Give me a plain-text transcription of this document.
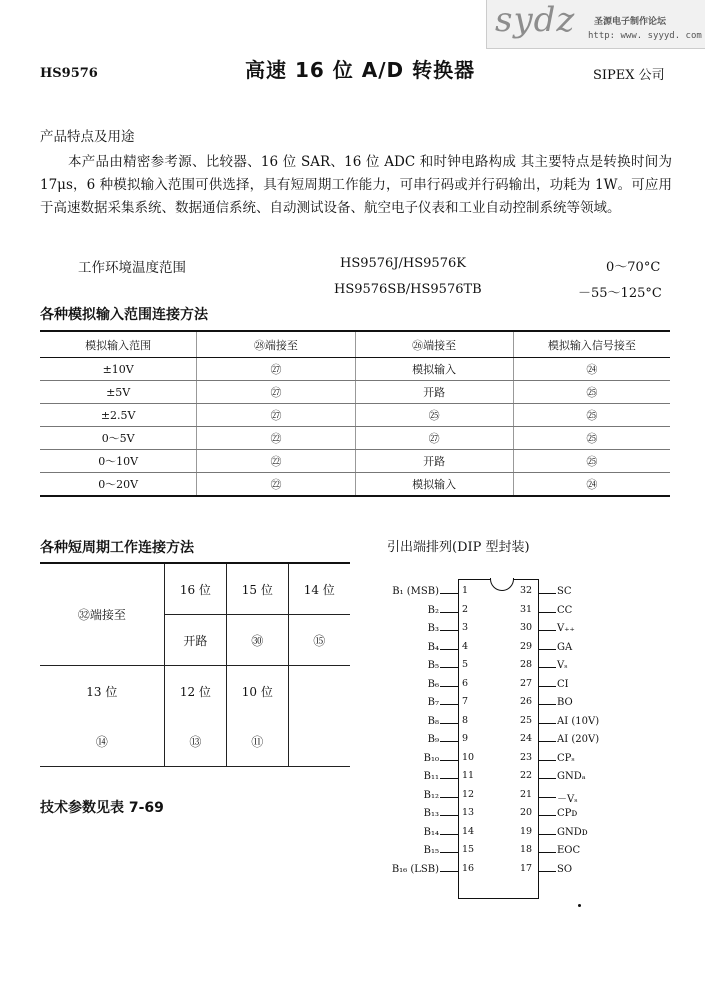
sydz 圣源电子制作论坛
http: www. syyyd. com
HS9576	高速 16 位 A/D 转换器	SIPEX 公司
产品特点及用途
本产品由精密参考源、比较器、16 位 SAR、16 位 ADC 和时钟电路构成 其主要特点是转换时间为 17μs，6 种模拟输入范围可供选择，具有短周期工作能力，可串行码或并行码输出，功耗为 1W。可应用于高速数据采集系统、数据通信系统、自动测试设备、航空电子仪表和工业自动控制系统等领域。
工作环境温度范围	HS9576J/HS9576K	0～70°C
HS9576SB/HS9576TB	－55～125°C
各种模拟输入范围连接方法
模拟输入范围	㉘端接至	㉖端接至	模拟输入信号接至
±10V	㉗	模拟输入	㉔
±5V	㉗	开路	㉕
±2.5V	㉗	㉕	㉕
0～5V	㉒	㉗	㉕
0～10V	㉒	开路	㉕
0～20V	㉒	模拟输入	㉔
各种短周期工作连接方法
㉜端接至	16 位	15 位	14 位
	开路	㉚	⑮
13 位	12 位	10 位	
⑭	⑬	⑪	
引出端排列(DIP 型封装)
B₁ (MSB) 1
B₂ 2
B₃ 3
B₄ 4
B₅ 5
B₆ 6
B₇ 7
B₈ 8
B₉ 9
B₁₀ 10
B₁₁ 11
B₁₂ 12
B₁₃ 13
B₁₄ 14
B₁₅ 15
B₁₆ (LSB) 16
32 SC
31 CC
30 V₊₊
29 GA
28 Vₛ
27 CI
26 BO
25 AI (10V)
24 AI (20V)
23 CPₛ
22 GNDₐ
21 －Vₛ
20 CPᴅ
19 GNDᴅ
18 EOC
17 SO
技术参数见表 7-69
